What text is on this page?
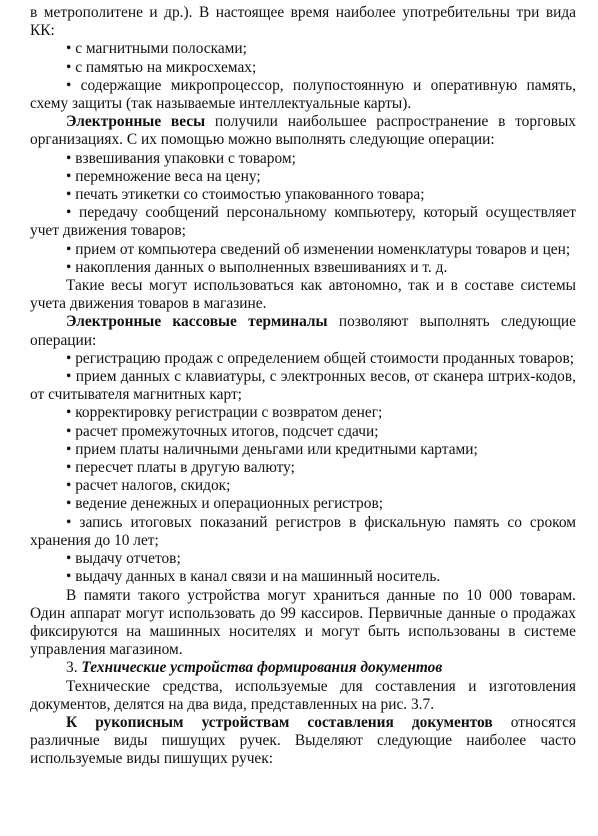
в метрополитене и др.). В настоящее время наиболее употребительны три вида КК:

• с магнитными полосками;

• с памятью на микросхемах;

• содержащие микропроцессор, полупостоянную и оперативную память, схему защиты (так называемые интеллектуальные карты).

Электронные весы получили наибольшее распространение в торговых организациях. С их помощью можно выполнять следующие операции:

• взвешивания упаковки с товаром;

• перемножение веса на цену;

• печать этикетки со стоимостью упакованного товара;

• передачу сообщений персональному компьютеру, который осуществляет учет движения товаров;

• прием от компьютера сведений об изменении номенклатуры товаров и цен;

• накопления данных о выполненных взвешиваниях и т. д.

Такие весы могут использоваться как автономно, так и в составе системы учета движения товаров в магазине.

Электронные кассовые терминалы позволяют выполнять следующие операции:

• регистрацию продаж с определением общей стоимости проданных товаров;

• прием данных с клавиатуры, с электронных весов, от сканера штрих-кодов, от считывателя магнитных карт;

• корректировку регистрации с возвратом денег;

• расчет промежуточных итогов, подсчет сдачи;

• прием платы наличными деньгами или кредитными картами;

• пересчет платы в другую валюту;

• расчет налогов, скидок;

• ведение денежных и операционных регистров;

• запись итоговых показаний регистров в фискальную память со сроком хранения до 10 лет;

• выдачу отчетов;

• выдачу данных в канал связи и на машинный носитель.

В памяти такого устройства могут храниться данные по 10 000 товарам. Один аппарат могут использовать до 99 кассиров. Первичные данные о продажах фиксируются на машинных носителях и могут быть использованы в системе управления магазином.

3. Технические устройства формирования документов

Технические средства, используемые для составления и изготовления документов, делятся на два вида, представленных на рис. 3.7.

К рукописным устройствам составления документов относятся различные виды пишущих ручек. Выделяют следующие наиболее часто используемые виды пишущих ручек:
